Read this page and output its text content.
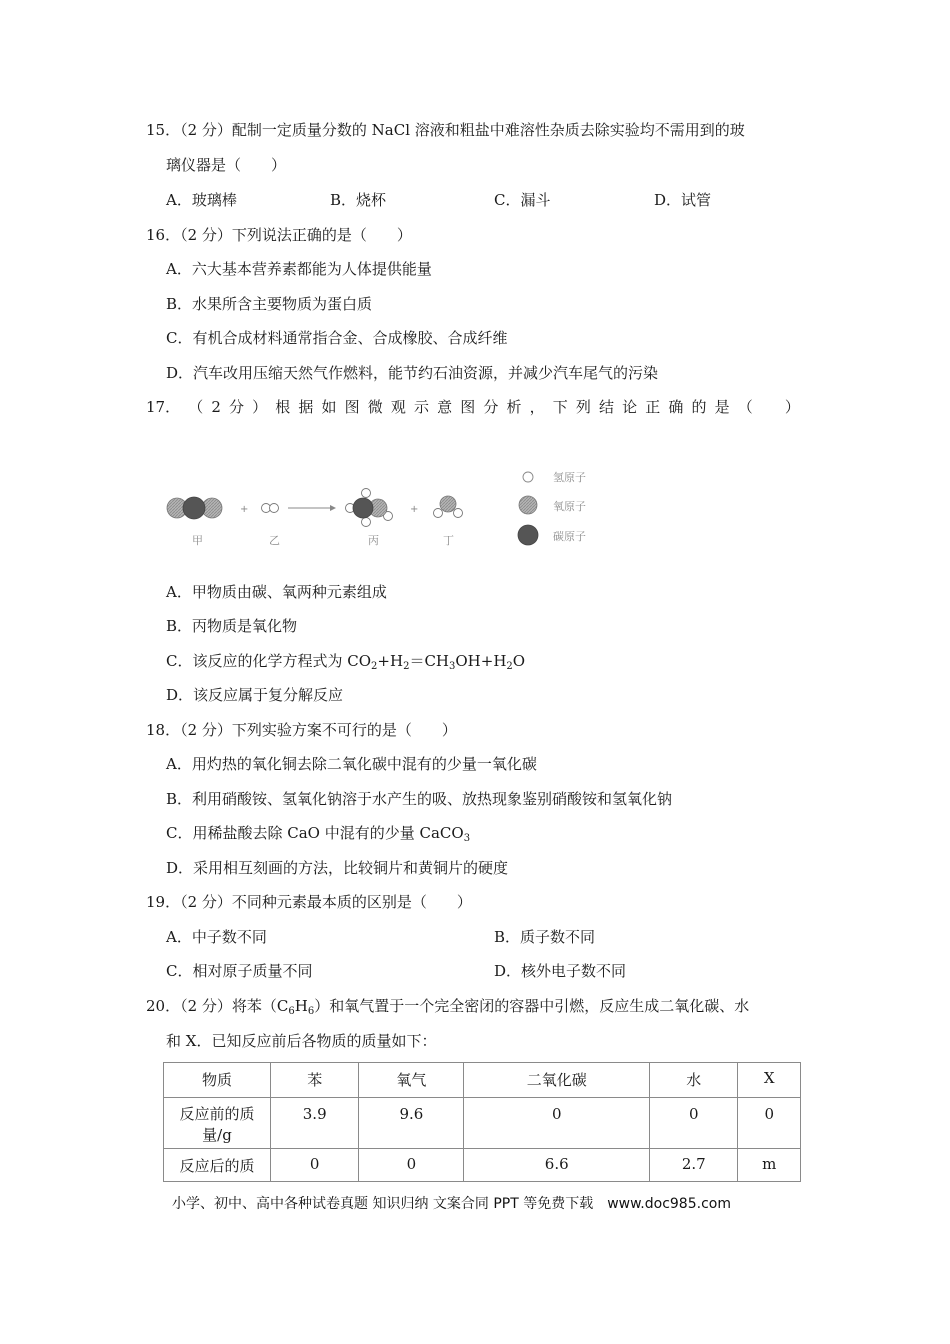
15．（2 分）配制一定质量分数的 NaCl 溶液和粗盐中难溶性杂质去除实验均不需用到的玻
璃仪器是（　　）
A．玻璃棒	B．烧杯	C．漏斗	D．试管
16．（2 分）下列说法正确的是（　　）
A．六大基本营养素都能为人体提供能量
B．水果所含主要物质为蛋白质
C．有机合成材料通常指合金、合成橡胶、合成纤维
D．汽车改用压缩天然气作燃料，能节约石油资源，并减少汽车尾气的污染
17． （ 2 分 ） 根 据 如 图 微 观 示 意 图 分 析 ， 下 列 结 论 正 确 的 是 （ ）
+	+
甲	乙	丙	丁
氢原子
氧原子
碳原子
A．甲物质由碳、氧两种元素组成
B．丙物质是氧化物
C．该反应的化学方程式为 $CO_2+H_2=CH_3OH+H_2O$
D．该反应属于复分解反应
18．（2 分）下列实验方案不可行的是（　　）
A．用灼热的氧化铜去除二氧化碳中混有的少量一氧化碳
B．利用硝酸铵、氢氧化钠溶于水产生的吸、放热现象鉴别硝酸铵和氢氧化钠
C．用稀盐酸去除 CaO 中混有的少量 CaCO$_3$
D．采用相互刻画的方法，比较铜片和黄铜片的硬度
19．（2 分）不同种元素最本质的区别是（　　）
A．中子数不同	B．质子数不同
C．相对原子质量不同	D．核外电子数不同
20．（2 分）将苯$(C_6H_6)$和氧气置于一个完全密闭的容器中引燃，反应生成二氧化碳、水
和 X．已知反应前后各物质的质量如下：
物质	苯	氧气	二氧化碳	水	X

反应前的质
量/g	3.9	9.6	0	0	0
反应后的质	0	0	6.6	2.7	m
小学、初中、高中各种试卷真题 知识归纳 文案合同 PPT 等免费下载　www.doc985.com
